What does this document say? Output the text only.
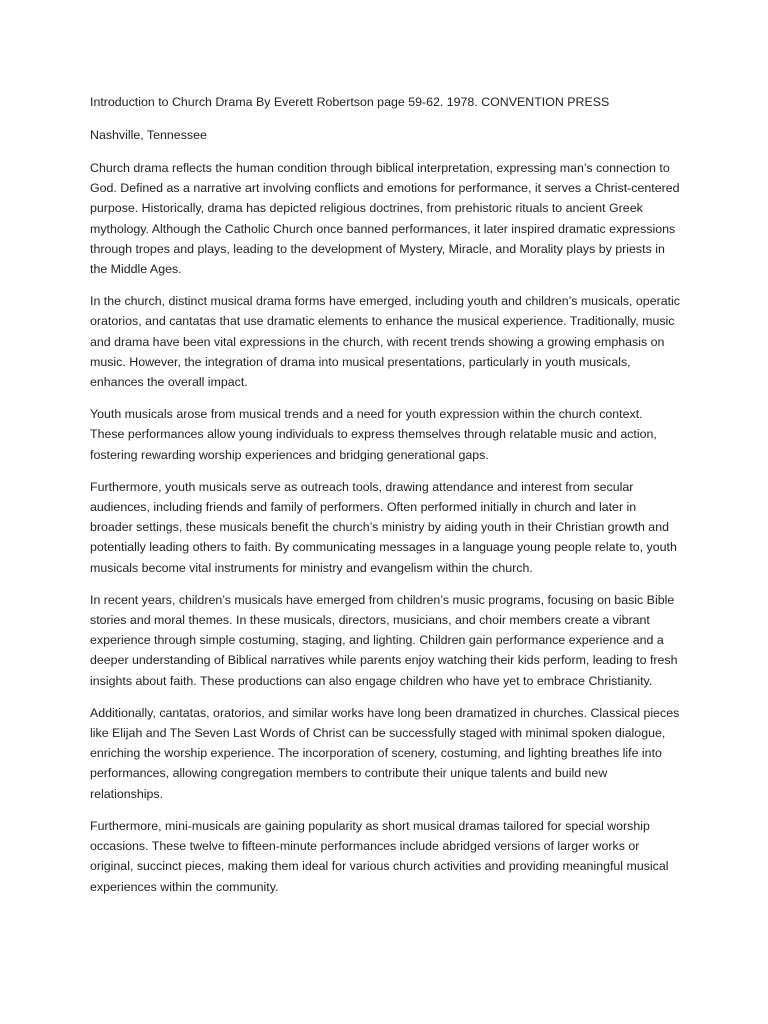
Introduction to Church Drama By Everett Robertson page 59-62. 1978. CONVENTION PRESS

Nashville, Tennessee

Church drama reflects the human condition through biblical interpretation, expressing man’s connection to God. Defined as a narrative art involving conflicts and emotions for performance, it serves a Christ-centered purpose. Historically, drama has depicted religious doctrines, from prehistoric rituals to ancient Greek mythology. Although the Catholic Church once banned performances, it later inspired dramatic expressions through tropes and plays, leading to the development of Mystery, Miracle, and Morality plays by priests in the Middle Ages.

In the church, distinct musical drama forms have emerged, including youth and children’s musicals, operatic oratorios, and cantatas that use dramatic elements to enhance the musical experience. Traditionally, music and drama have been vital expressions in the church, with recent trends showing a growing emphasis on music. However, the integration of drama into musical presentations, particularly in youth musicals, enhances the overall impact.

Youth musicals arose from musical trends and a need for youth expression within the church context. These performances allow young individuals to express themselves through relatable music and action, fostering rewarding worship experiences and bridging generational gaps.

Furthermore, youth musicals serve as outreach tools, drawing attendance and interest from secular audiences, including friends and family of performers. Often performed initially in church and later in broader settings, these musicals benefit the church’s ministry by aiding youth in their Christian growth and potentially leading others to faith. By communicating messages in a language young people relate to, youth musicals become vital instruments for ministry and evangelism within the church.

In recent years, children’s musicals have emerged from children’s music programs, focusing on basic Bible stories and moral themes. In these musicals, directors, musicians, and choir members create a vibrant experience through simple costuming, staging, and lighting. Children gain performance experience and a deeper understanding of Biblical narratives while parents enjoy watching their kids perform, leading to fresh insights about faith. These productions can also engage children who have yet to embrace Christianity.

Additionally, cantatas, oratorios, and similar works have long been dramatized in churches. Classical pieces like Elijah and The Seven Last Words of Christ can be successfully staged with minimal spoken dialogue, enriching the worship experience. The incorporation of scenery, costuming, and lighting breathes life into performances, allowing congregation members to contribute their unique talents and build new relationships.

Furthermore, mini-musicals are gaining popularity as short musical dramas tailored for special worship occasions. These twelve to fifteen-minute performances include abridged versions of larger works or original, succinct pieces, making them ideal for various church activities and providing meaningful musical experiences within the community.
